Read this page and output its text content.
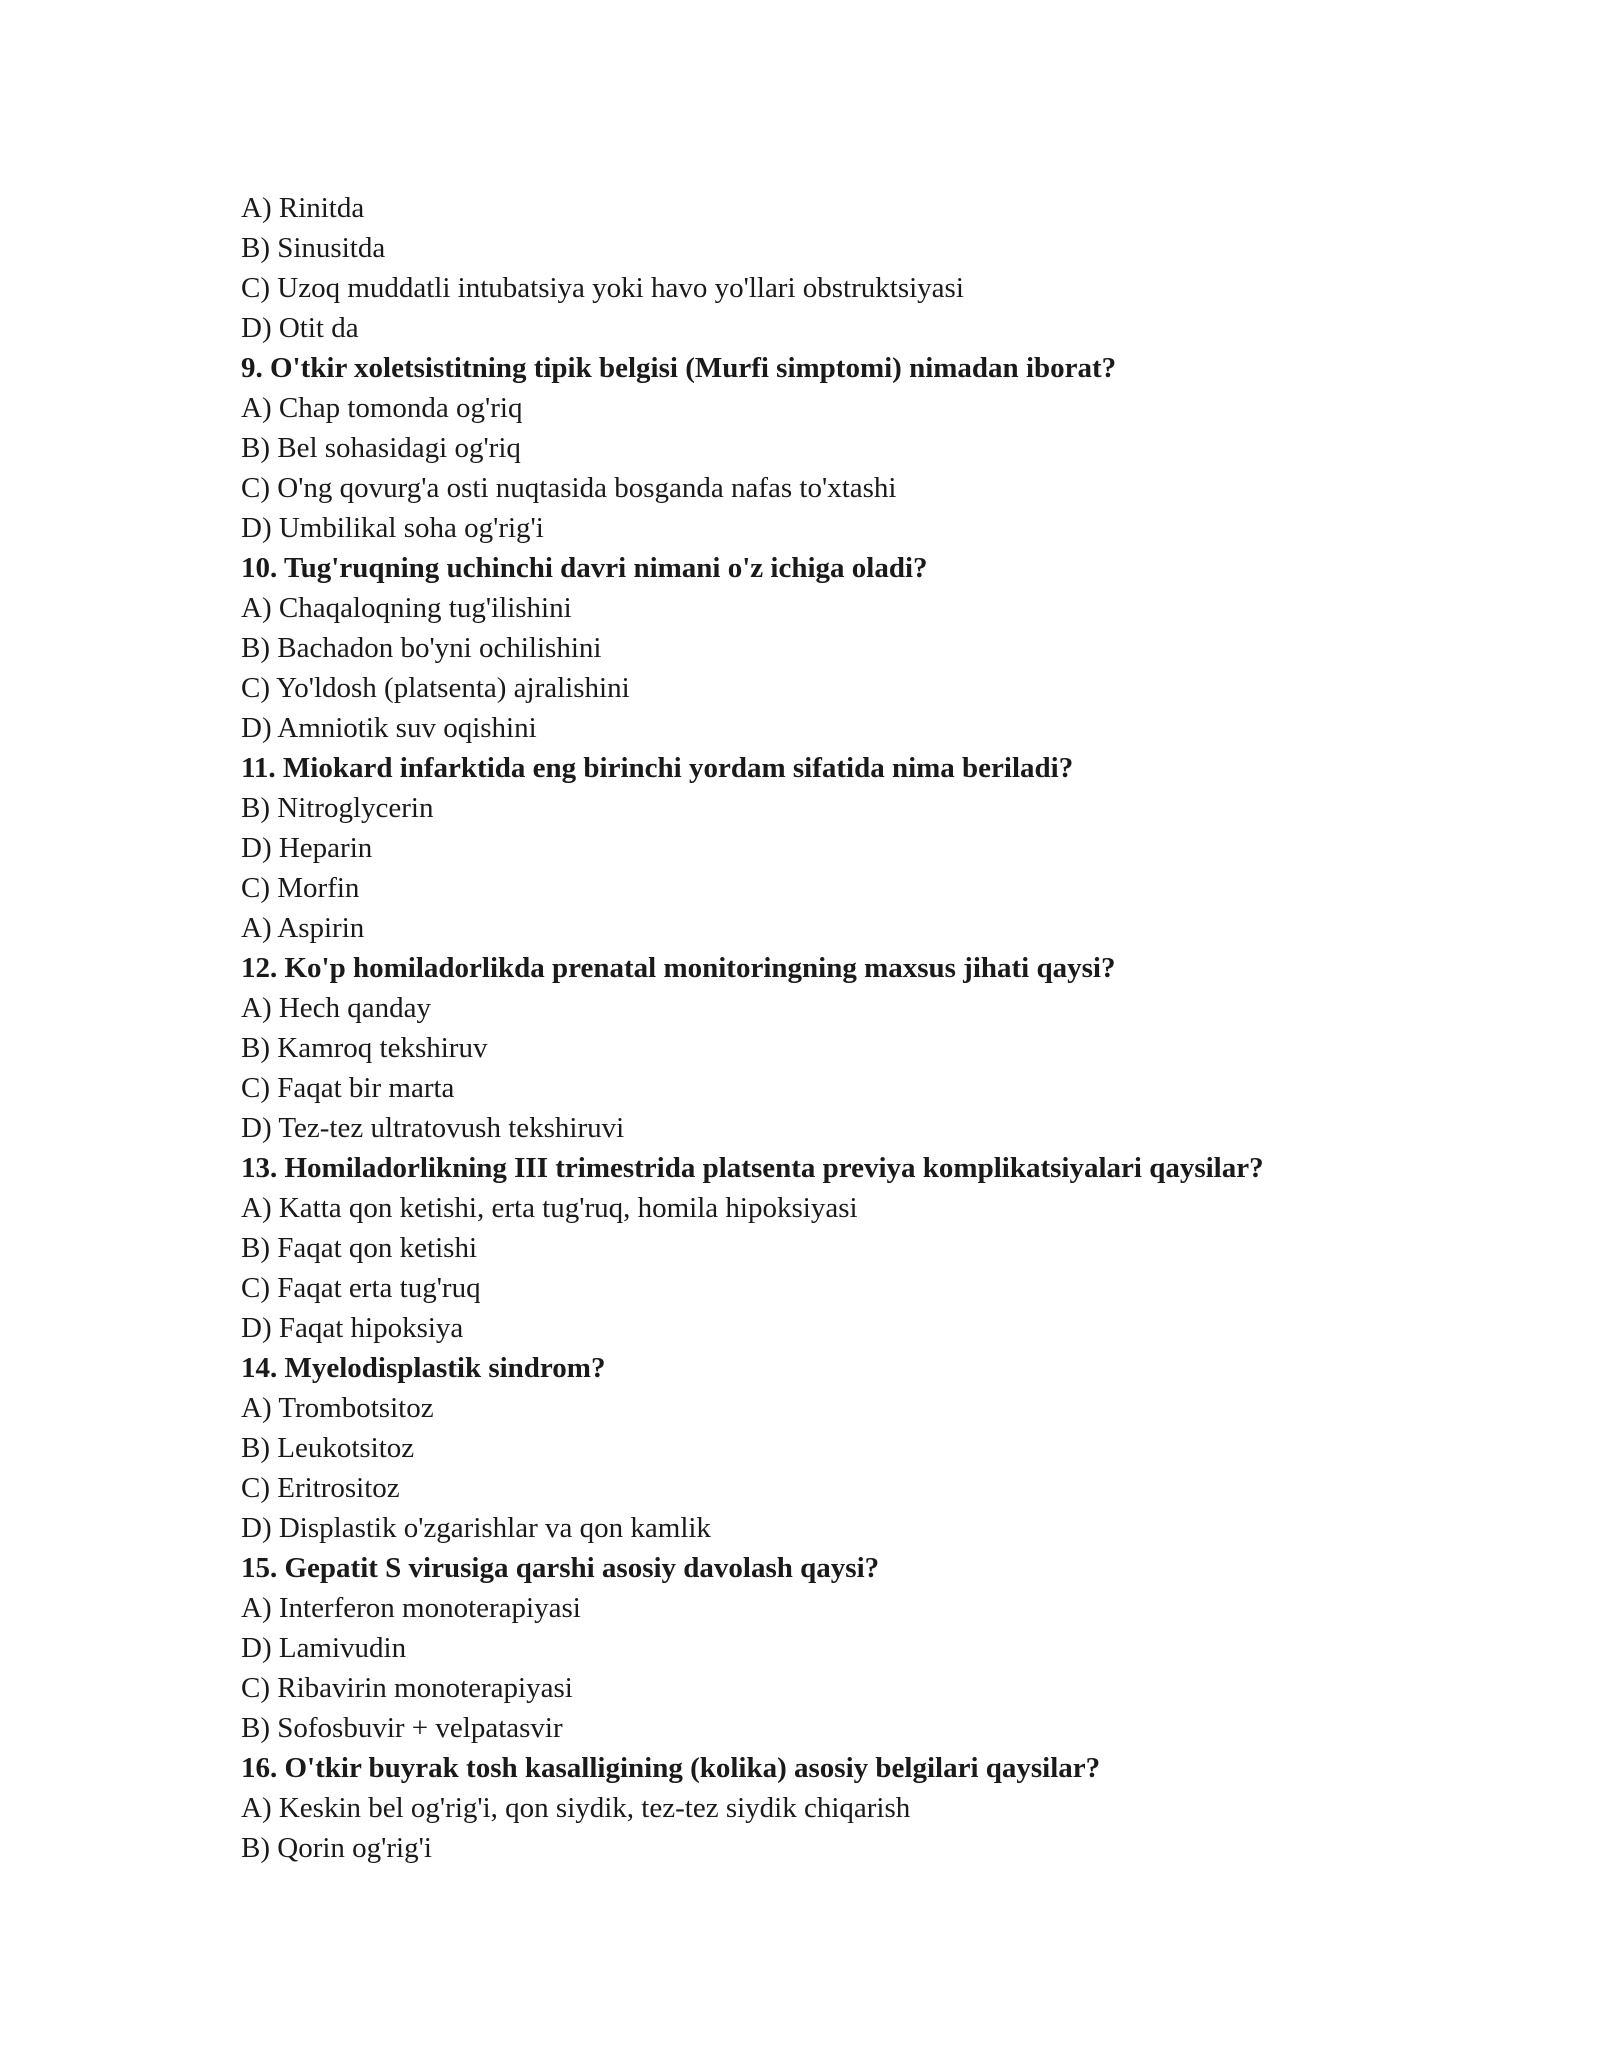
A) Rinitda
B) Sinusitda
C) Uzoq muddatli intubatsiya yoki havo yo'llari obstruktsiyasi
D) Otit da
9. O'tkir xoletsistitning tipik belgisi (Murfi simptomi) nimadan iborat?
A) Chap tomonda og'riq
B) Bel sohasidagi og'riq
C) O'ng qovurg'a osti nuqtasida bosganda nafas to'xtashi
D) Umbilikal soha og'rig'i
10. Tug'ruqning uchinchi davri nimani o'z ichiga oladi?
A) Chaqaloqning tug'ilishini
B) Bachadon bo'yni ochilishini
C) Yo'ldosh (platsenta) ajralishini
D) Amniotik suv oqishini
11. Miokard infarktida eng birinchi yordam sifatida nima beriladi?
B) Nitroglycerin
D) Heparin
C) Morfin
A) Aspirin
12. Ko'p homiladorlikda prenatal monitoringning maxsus jihati qaysi?
A) Hech qanday
B) Kamroq tekshiruv
C) Faqat bir marta
D) Tez-tez ultratovush tekshiruvi
13. Homiladorlikning III trimestrida platsenta previya komplikatsiyalari qaysilar?
A) Katta qon ketishi, erta tug'ruq, homila hipoksiyasi
B) Faqat qon ketishi
C) Faqat erta tug'ruq
D) Faqat hipoksiya
14. Myelodisplastik sindrom?
A) Trombotsitoz
B) Leukotsitoz
C) Eritrositoz
D) Displastik o'zgarishlar va qon kamlik
15. Gepatit S virusiga qarshi asosiy davolash qaysi?
A) Interferon monoterapiyasi
D) Lamivudin
C) Ribavirin monoterapiyasi
B) Sofosbuvir + velpatasvir
16. O'tkir buyrak tosh kasalligining (kolika) asosiy belgilari qaysilar?
A) Keskin bel og'rig'i, qon siydik, tez-tez siydik chiqarish
B) Qorin og'rig'i
